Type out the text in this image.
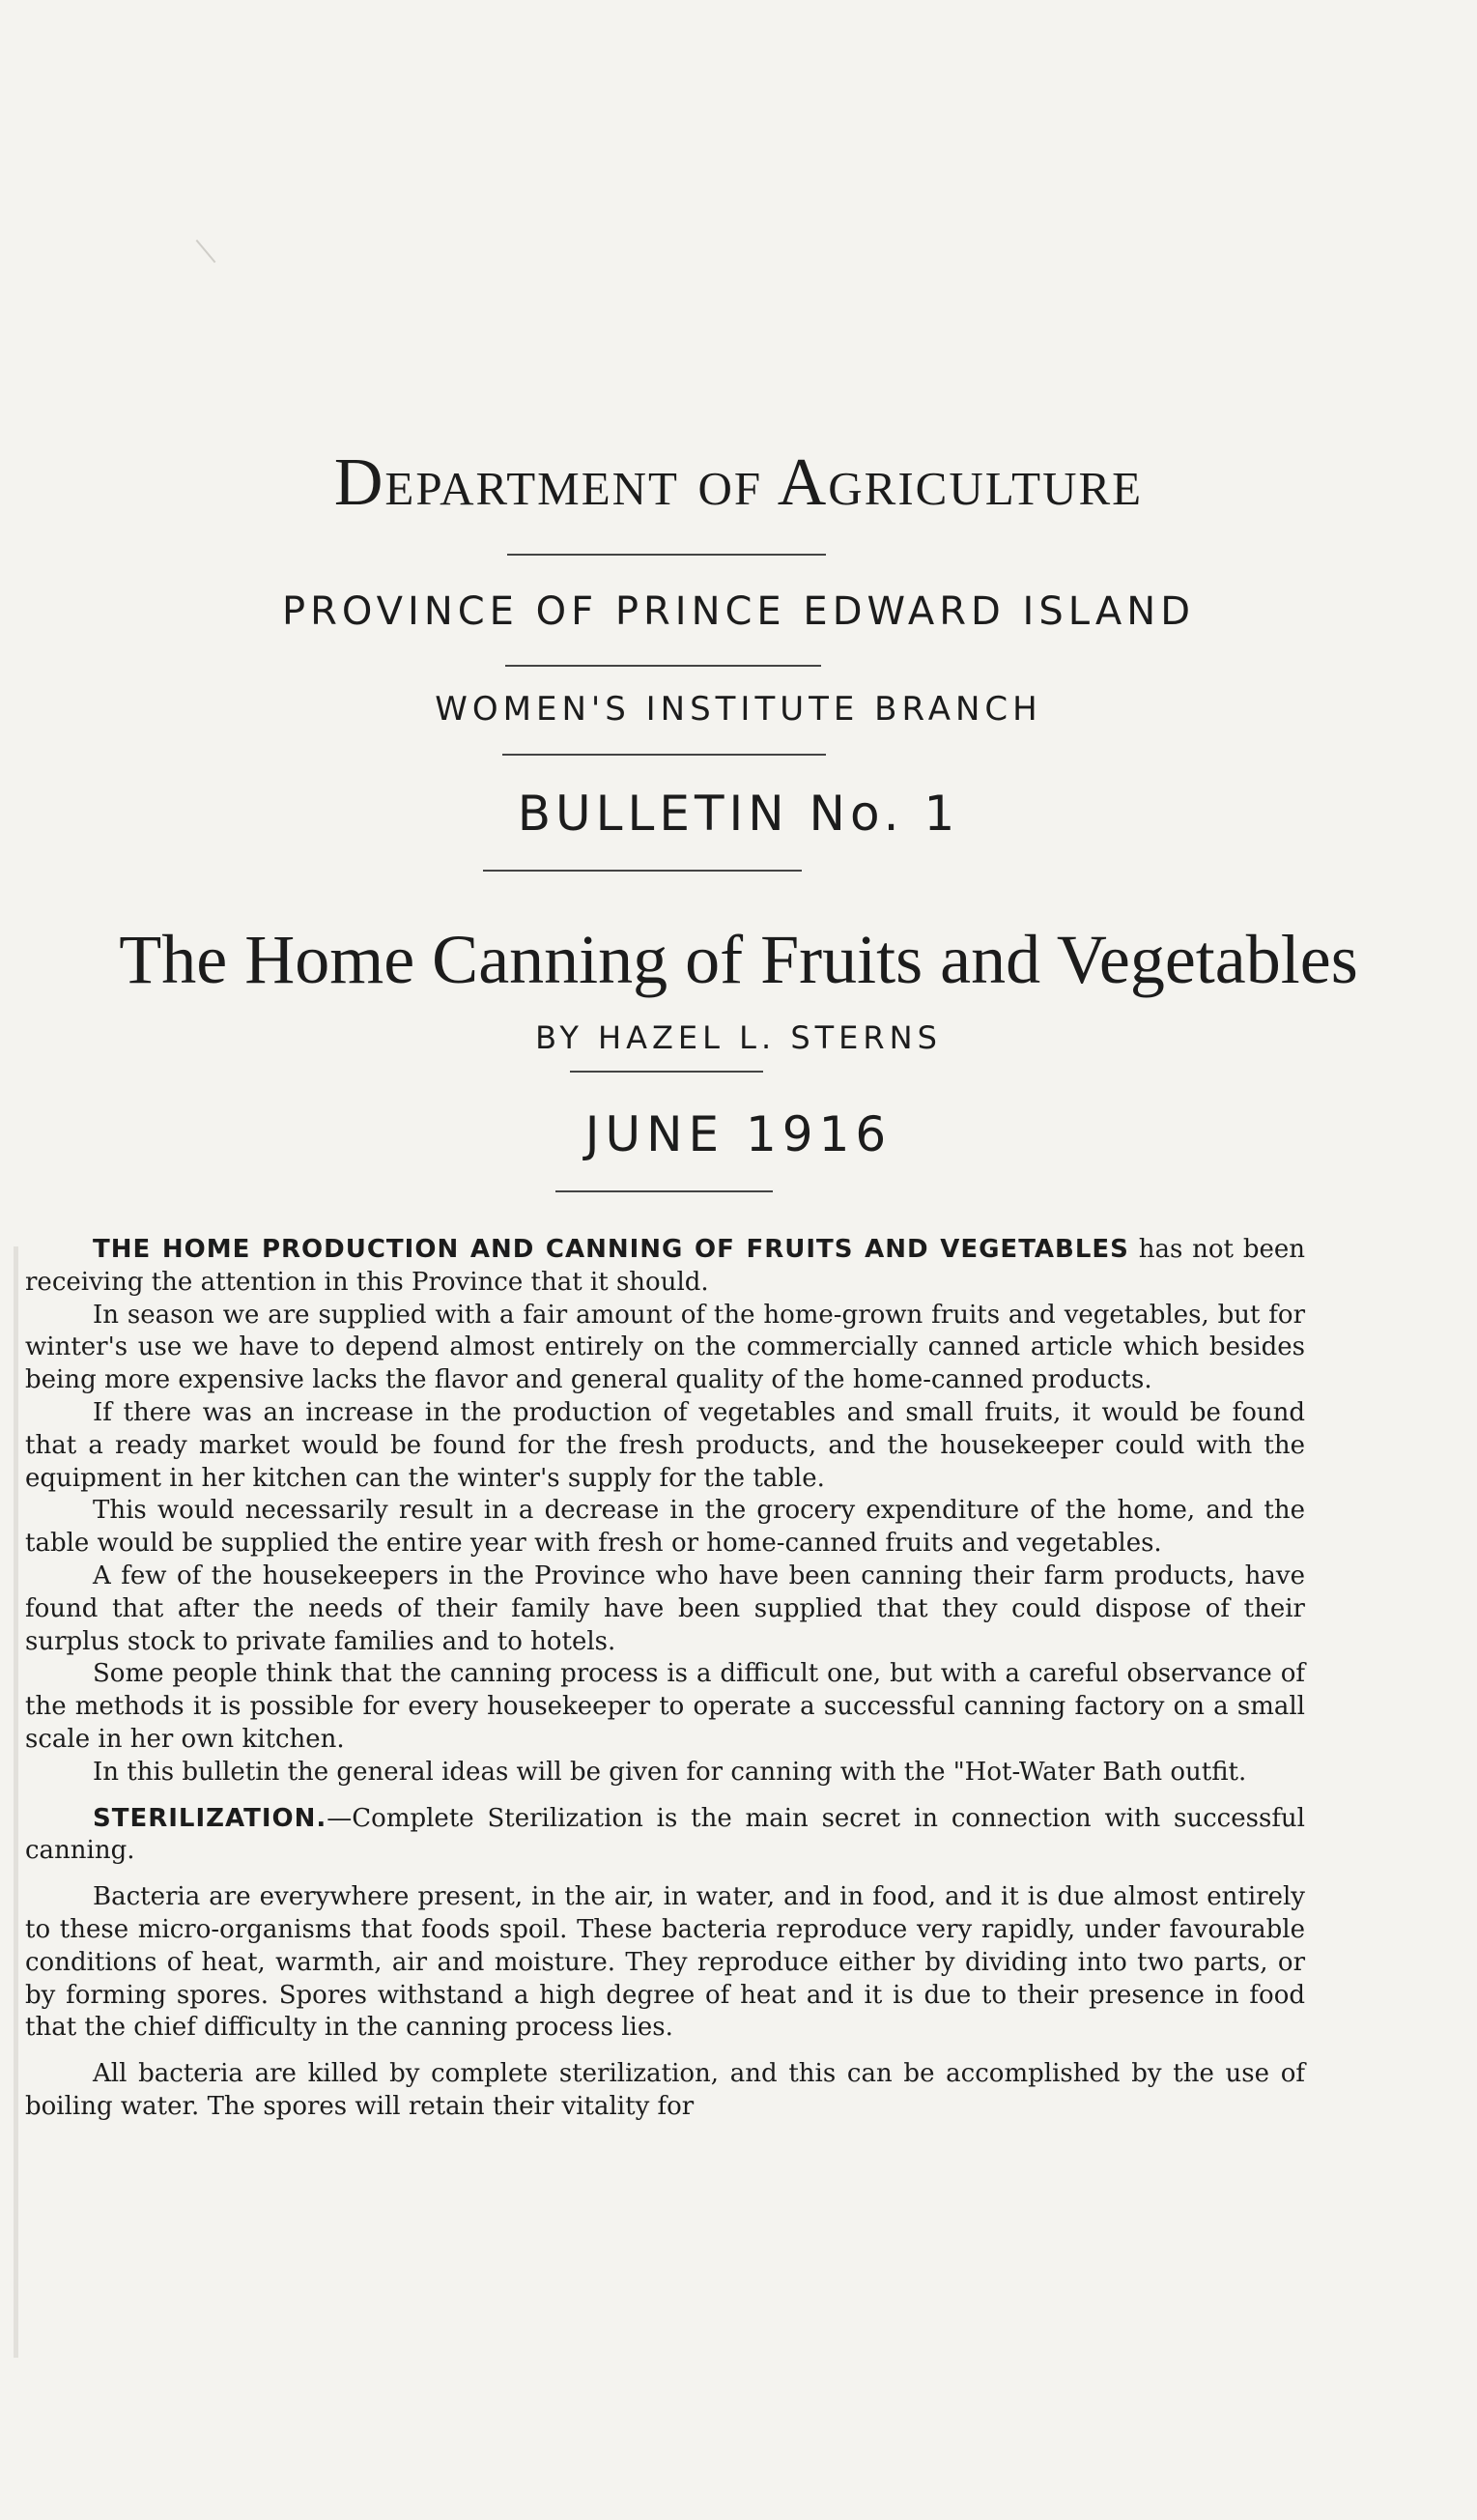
Department of Agriculture
PROVINCE OF PRINCE EDWARD ISLAND
WOMEN'S INSTITUTE BRANCH
BULLETIN No. 1
The Home Canning of Fruits and Vegetables
BY HAZEL L. STERNS
JUNE 1916

THE HOME PRODUCTION AND CANNING OF FRUITS AND VEGETABLES has not been receiving the attention in this Province that it should.

In season we are supplied with a fair amount of the home-grown fruits and vegetables, but for winter's use we have to depend almost entirely on the commercially canned article which besides being more expensive lacks the flavor and general quality of the home-canned products.

If there was an increase in the production of vegetables and small fruits, it would be found that a ready market would be found for the fresh products, and the housekeeper could with the equipment in her kitchen can the winter's supply for the table.

This would necessarily result in a decrease in the grocery expenditure of the home, and the table would be supplied the entire year with fresh or home-canned fruits and vegetables.

A few of the housekeepers in the Province who have been canning their farm products, have found that after the needs of their family have been supplied that they could dispose of their surplus stock to private families and to hotels.

Some people think that the canning process is a difficult one, but with a careful observance of the methods it is possible for every housekeeper to operate a successful canning factory on a small scale in her own kitchen.

In this bulletin the general ideas will be given for canning with the "Hot-Water Bath outfit.

STERILIZATION.—Complete Sterilization is the main secret in connection with successful canning.

Bacteria are everywhere present, in the air, in water, and in food, and it is due almost entirely to these micro-organisms that foods spoil. These bacteria reproduce very rapidly, under favourable conditions of heat, warmth, air and moisture. They reproduce either by dividing into two parts, or by forming spores. Spores withstand a high degree of heat and it is due to their presence in food that the chief difficulty in the canning process lies.

All bacteria are killed by complete sterilization, and this can be accomplished by the use of boiling water. The spores will retain their vitality for
